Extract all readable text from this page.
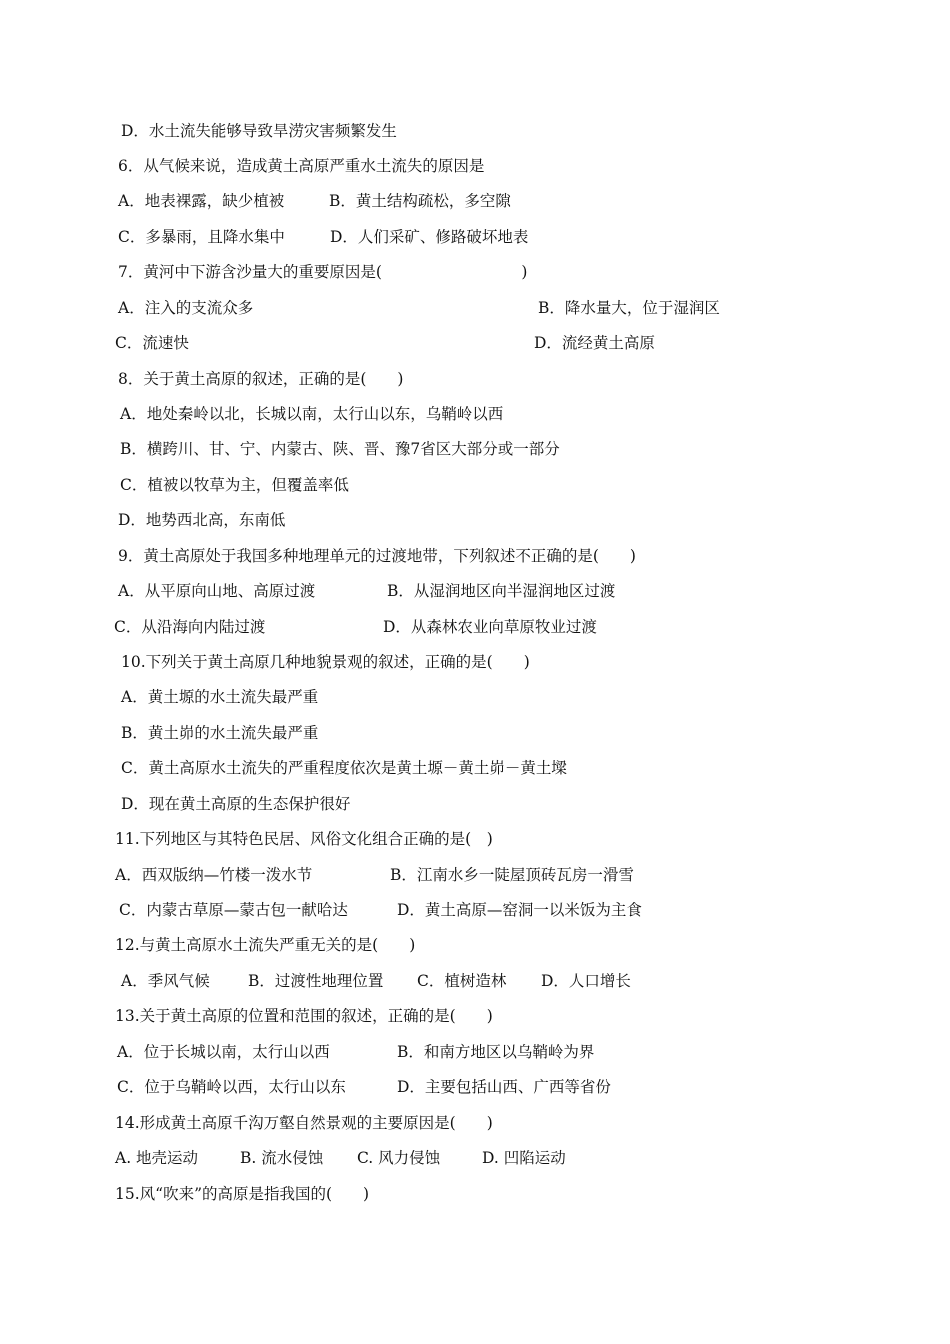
D．水土流失能够导致旱涝灾害频繁发生
6．从气候来说，造成黄土高原严重水土流失的原因是
A．地表裸露，缺少植被	B．黄土结构疏松，多空隙
C．多暴雨，且降水集中	D．人们采矿、修路破坏地表
7．黄河中下游含沙量大的重要原因是(　　　　　　　　　)
A．注入的支流众多	B．降水量大，位于湿润区
C．流速快	D．流经黄土高原
8．关于黄土高原的叙述，正确的是(　　)
A．地处秦岭以北，长城以南，太行山以东，乌鞘岭以西
B．横跨川、甘、宁、内蒙古、陕、晋、豫7省区大部分或一部分
C．植被以牧草为主，但覆盖率低
D．地势西北高，东南低
9．黄土高原处于我国多种地理单元的过渡地带，下列叙述不正确的是(　　)
A．从平原向山地、高原过渡	B．从湿润地区向半湿润地区过渡
C．从沿海向内陆过渡	D．从森林农业向草原牧业过渡
10.下列关于黄土高原几种地貌景观的叙述，正确的是(　　)
A．黄土塬的水土流失最严重
B．黄土峁的水土流失最严重
C．黄土高原水土流失的严重程度依次是黄土塬－黄土峁－黄土墚
D．现在黄土高原的生态保护很好
11.下列地区与其特色民居、风俗文化组合正确的是(　)
A．西双版纳—竹楼一泼水节	B．江南水乡一陡屋顶砖瓦房一滑雪
C．内蒙古草原—蒙古包一献哈达	D．黄土高原—窑洞一以米饭为主食
12.与黄土高原水土流失严重无关的是(　　)
A．季风气候 B．过渡性地理位置 C．植树造林 D．人口增长
13.关于黄土高原的位置和范围的叙述，正确的是(　　)
A．位于长城以南，太行山以西	B．和南方地区以乌鞘岭为界
C．位于乌鞘岭以西，太行山以东	D．主要包括山西、广西等省份
14.形成黄土高原千沟万壑自然景观的主要原因是(　　)
A. 地壳运动	B. 流水侵蚀 C. 风力侵蚀	D. 凹陷运动
15.风“吹来”的高原是指我国的(　　)
